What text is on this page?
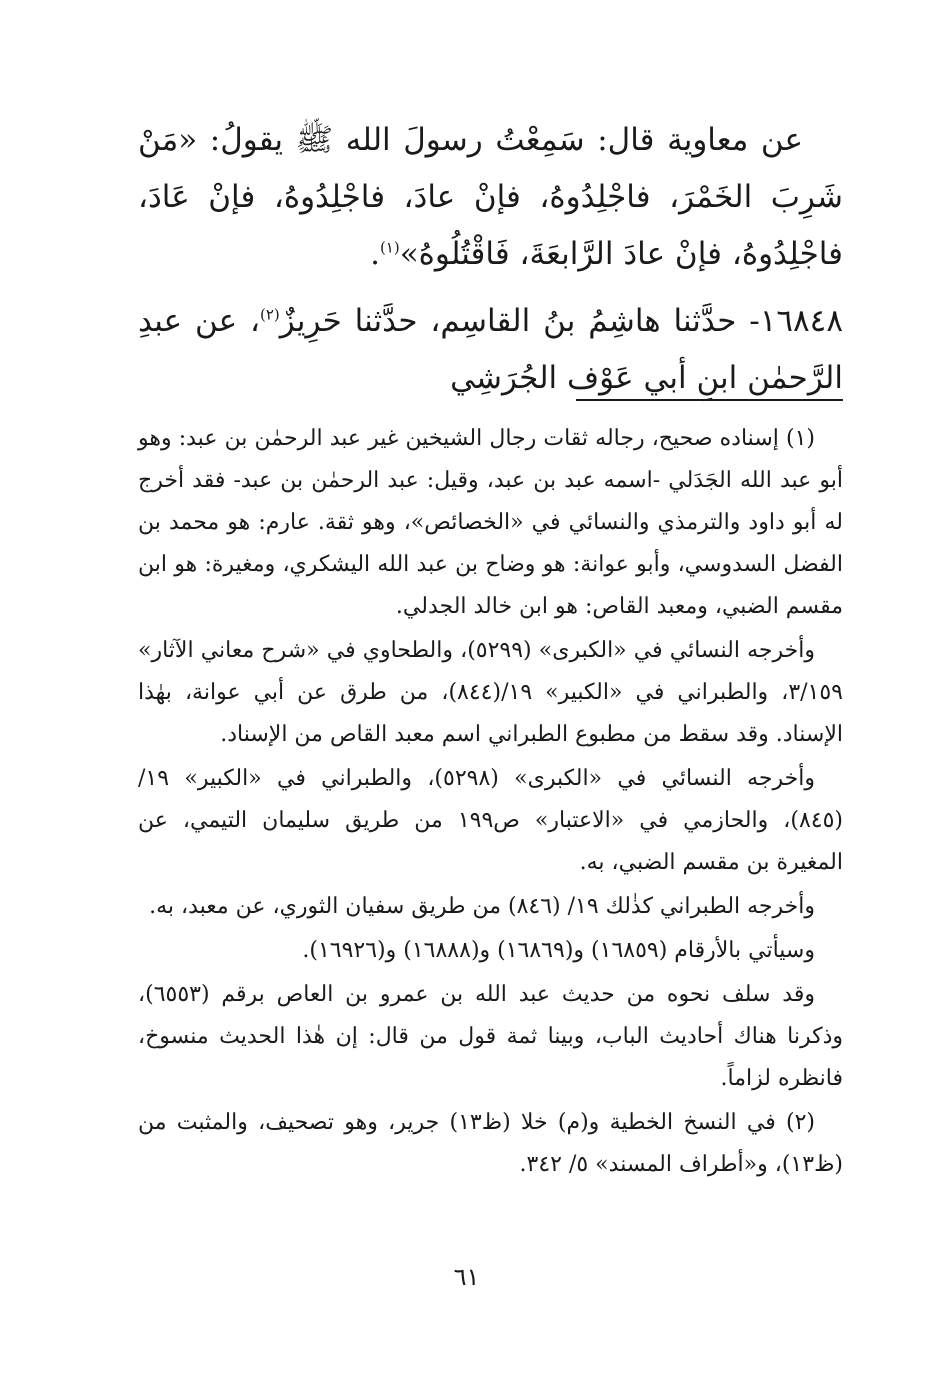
عن معاوية قال: سَمِعْتُ رسولَ الله ﷺ يقولُ: «مَنْ شَرِبَ الخَمْرَ، فاجْلِدُوهُ، فإنْ عادَ، فاجْلِدُوهُ، فإنْ عَادَ، فاجْلِدُوهُ، فإنْ عادَ الرَّابعَةَ، فَاقْتُلُوهُ»$^{(١)}$.

١٦٨٤٨- حدَّثنا هاشِمُ بنُ القاسِم، حدَّثنا حَرِيزٌ$^{(٢)}$، عن عبدِ الرَّحمٰن ابنِ أبي عَوْف الجُرَشِي

(١) إسناده صحيح، رجاله ثقات رجال الشيخين غير عبد الرحمٰن بن عبد: وهو أبو عبد الله الجَدَلي -اسمه عبد بن عبد، وقيل: عبد الرحمٰن بن عبد- فقد أخرج له أبو داود والترمذي والنسائي في «الخصائص»، وهو ثقة. عارم: هو محمد بن الفضل السدوسي، وأبو عوانة: هو وضاح بن عبد الله اليشكري، ومغيرة: هو ابن مقسم الضبي، ومعبد القاص: هو ابن خالد الجدلي.

وأخرجه النسائي في «الكبرى» (٥٢٩٩)، والطحاوي في «شرح معاني الآثار» ٣/١٥٩، والطبراني في «الكبير» ١٩/(٨٤٤)، من طرق عن أبي عوانة، بهٰذا الإسناد. وقد سقط من مطبوع الطبراني اسم معبد القاص من الإسناد.

وأخرجه النسائي في «الكبرى» (٥٢٩٨)، والطبراني في «الكبير» ١٩/ (٨٤٥)، والحازمي في «الاعتبار» ص١٩٩ من طريق سليمان التيمي، عن المغيرة بن مقسم الضبي، به.

وأخرجه الطبراني كذٰلك ١٩/ (٨٤٦) من طريق سفيان الثوري، عن معبد، به.

وسيأتي بالأرقام (١٦٨٥٩) و(١٦٨٦٩) و(١٦٨٨٨) و(١٦٩٢٦).

وقد سلف نحوه من حديث عبد الله بن عمرو بن العاص برقم (٦٥٥٣)، وذكرنا هناك أحاديث الباب، وبينا ثمة قول من قال: إن هٰذا الحديث منسوخ، فانظره لزاماً.

(٢) في النسخ الخطية و(م) خلا (ظ١٣) جرير، وهو تصحيف، والمثبت من (ظ١٣)، و«أطراف المسند» ٥/ ٣٤٢.

٦١
